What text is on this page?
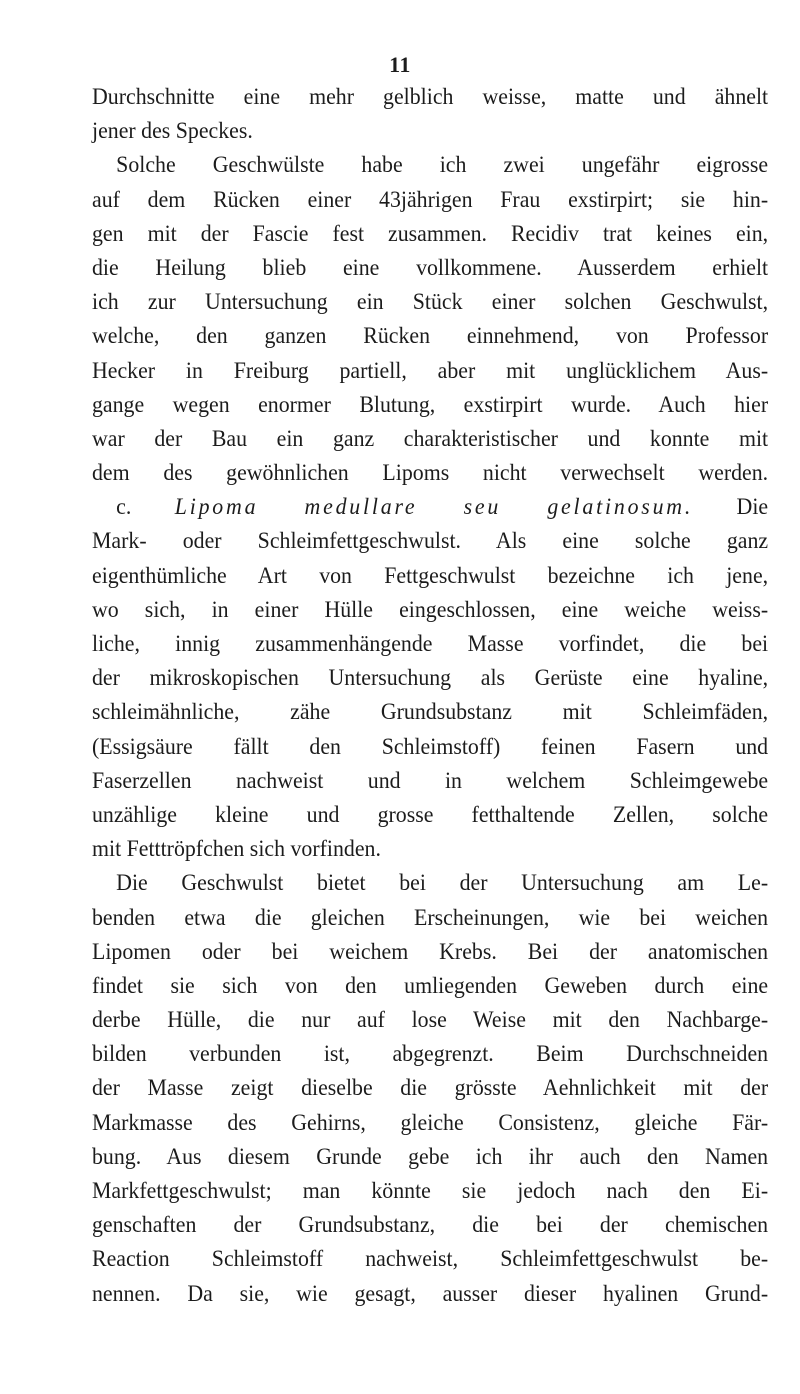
11
Durchschnitte eine mehr gelblich weisse, matte und ähnelt
jener des Speckes.
Solche Geschwülste habe ich zwei ungefähr eigrosse
auf dem Rücken einer 43jährigen Frau exstirpirt; sie hin-
gen mit der Fascie fest zusammen. Recidiv trat keines ein,
die Heilung blieb eine vollkommene. Ausserdem erhielt
ich zur Untersuchung ein Stück einer solchen Geschwulst,
welche, den ganzen Rücken einnehmend, von Professor
Hecker in Freiburg partiell, aber mit unglücklichem Aus-
gange wegen enormer Blutung, exstirpirt wurde. Auch hier
war der Bau ein ganz charakteristischer und konnte mit
dem des gewöhnlichen Lipoms nicht verwechselt werden.
c. Lipoma medullare seu gelatinosum. Die
Mark- oder Schleimfettgeschwulst. Als eine solche ganz
eigenthümliche Art von Fettgeschwulst bezeichne ich jene,
wo sich, in einer Hülle eingeschlossen, eine weiche weiss-
liche, innig zusammenhängende Masse vorfindet, die bei
der mikroskopischen Untersuchung als Gerüste eine hyaline,
schleimähnliche, zähe Grundsubstanz mit Schleimfäden,
(Essigsäure fällt den Schleimstoff) feinen Fasern und
Faserzellen nachweist und in welchem Schleimgewebe
unzählige kleine und grosse fetthaltende Zellen, solche
mit Fetttröpfchen sich vorfinden.
Die Geschwulst bietet bei der Untersuchung am Le-
benden etwa die gleichen Erscheinungen, wie bei weichen
Lipomen oder bei weichem Krebs. Bei der anatomischen
findet sie sich von den umliegenden Geweben durch eine
derbe Hülle, die nur auf lose Weise mit den Nachbarge-
bilden verbunden ist, abgegrenzt. Beim Durchschneiden
der Masse zeigt dieselbe die grösste Aehnlichkeit mit der
Markmasse des Gehirns, gleiche Consistenz, gleiche Fär-
bung. Aus diesem Grunde gebe ich ihr auch den Namen
Markfettgeschwulst; man könnte sie jedoch nach den Ei-
genschaften der Grundsubstanz, die bei der chemischen
Reaction Schleimstoff nachweist, Schleimfettgeschwulst be-
nennen. Da sie, wie gesagt, ausser dieser hyalinen Grund-
